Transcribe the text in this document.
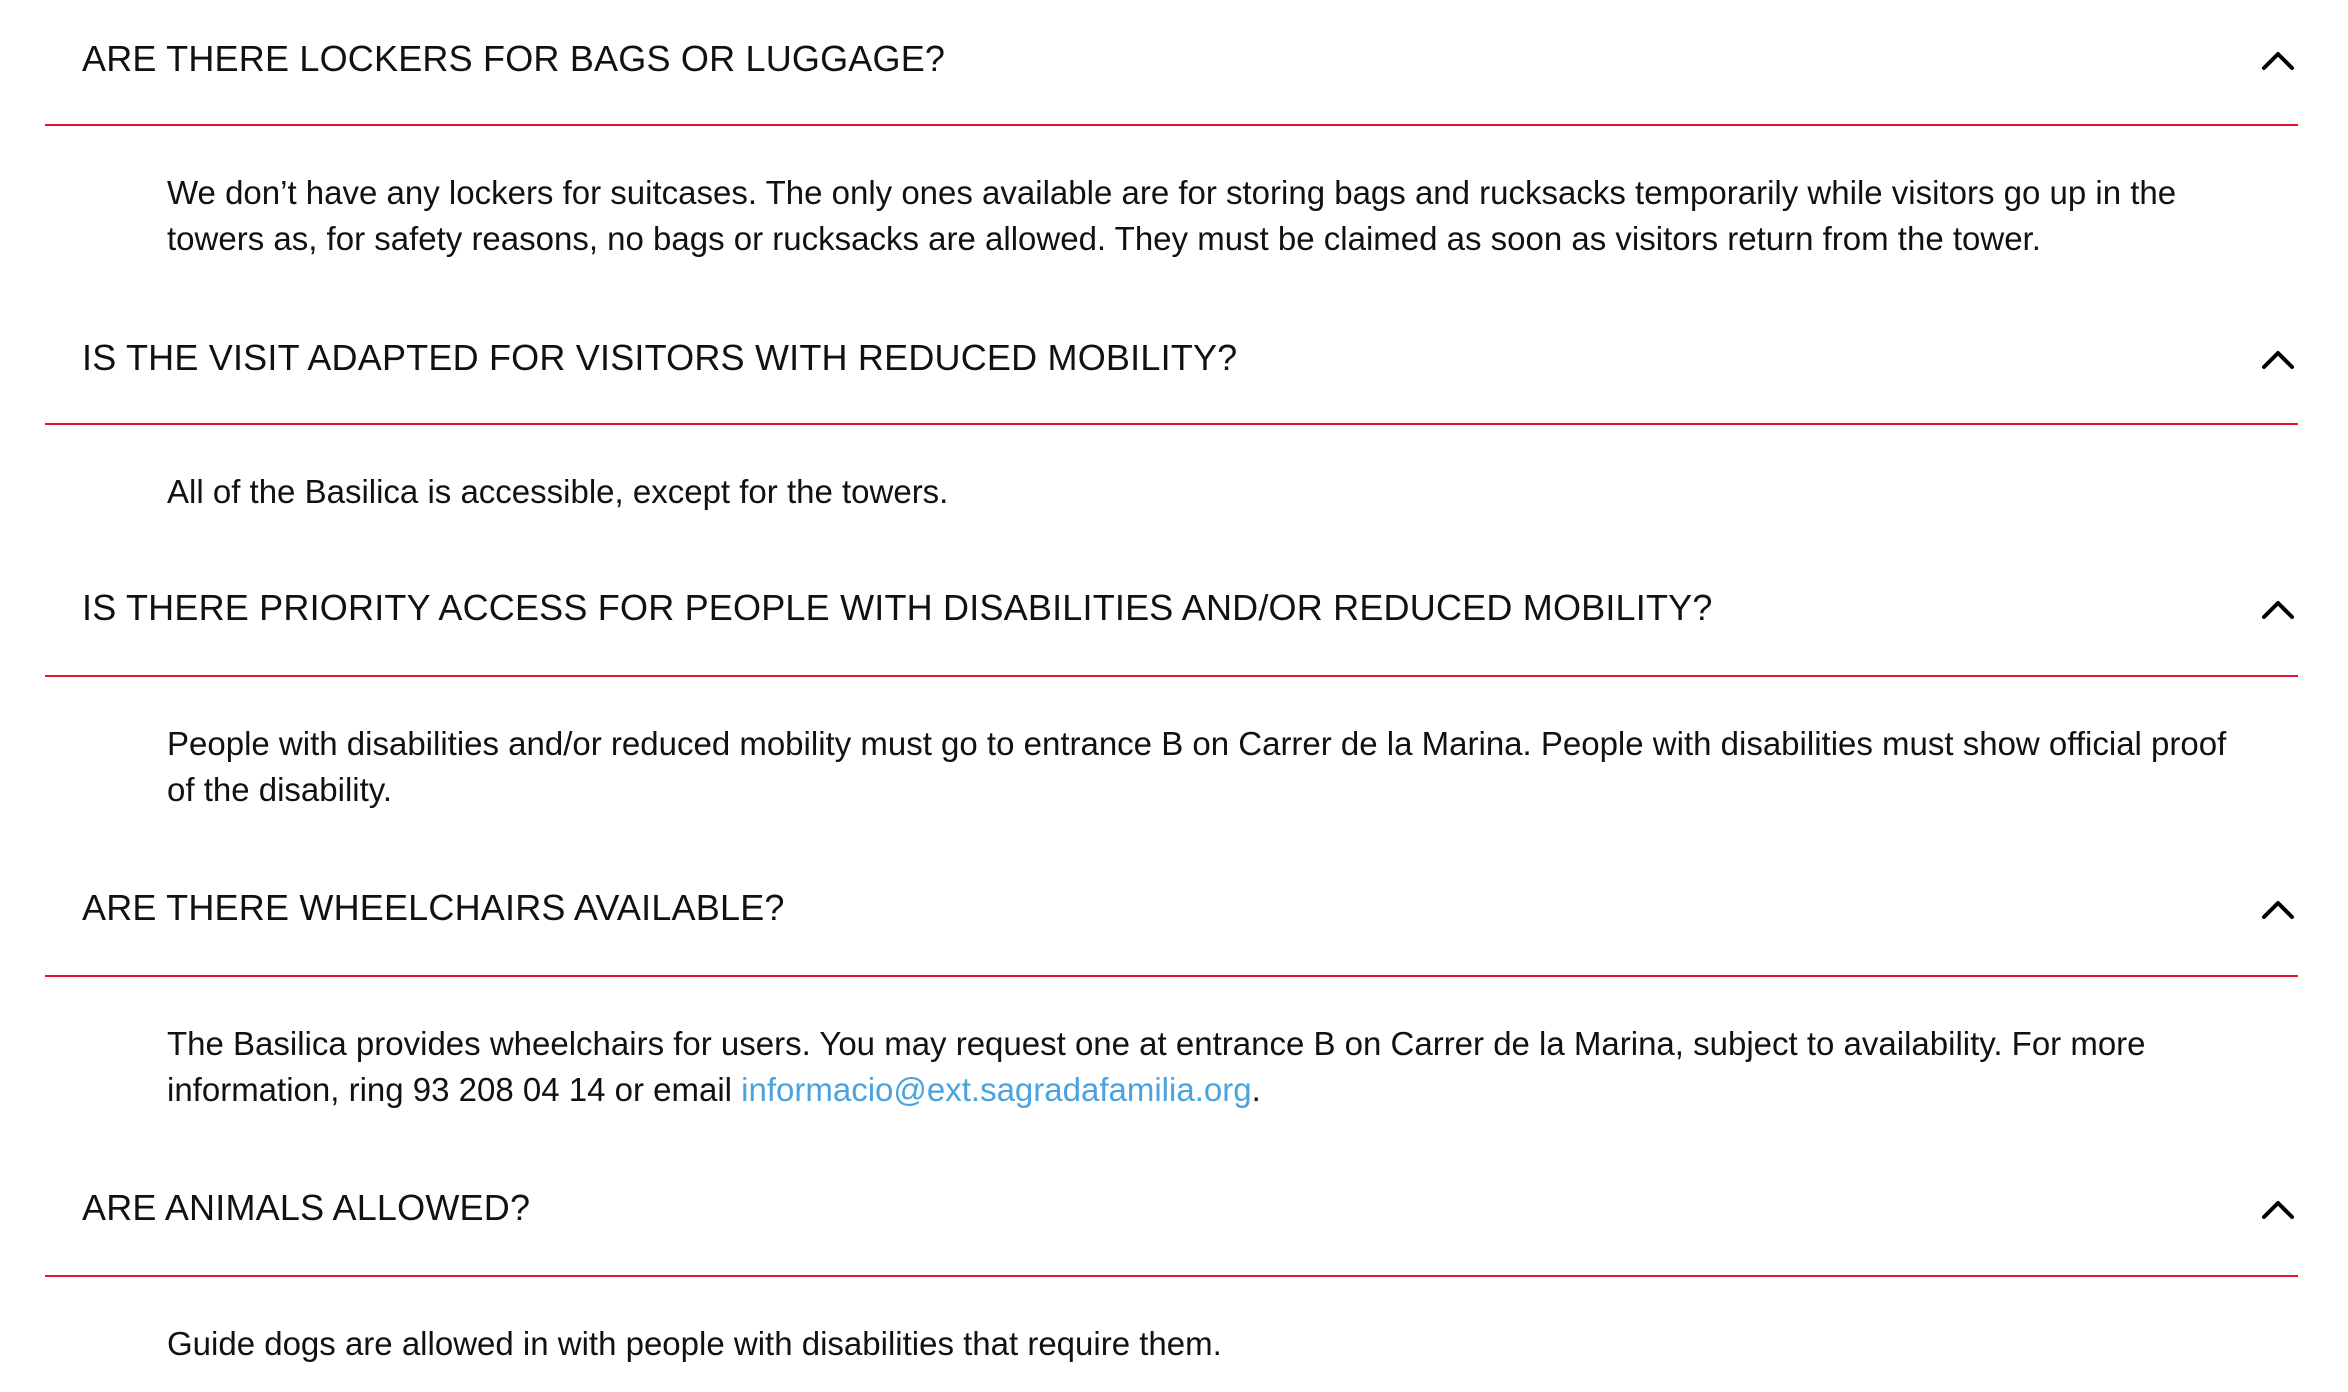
ARE THERE LOCKERS FOR BAGS OR LUGGAGE?

We don’t have any lockers for suitcases. The only ones available are for storing bags and rucksacks temporarily while visitors go up in the towers as, for safety reasons, no bags or rucksacks are allowed. They must be claimed as soon as visitors return from the tower.

IS THE VISIT ADAPTED FOR VISITORS WITH REDUCED MOBILITY?

All of the Basilica is accessible, except for the towers.

IS THERE PRIORITY ACCESS FOR PEOPLE WITH DISABILITIES AND/OR REDUCED MOBILITY?

People with disabilities and/or reduced mobility must go to entrance B on Carrer de la Marina. People with disabilities must show official proof of the disability.

ARE THERE WHEELCHAIRS AVAILABLE?

The Basilica provides wheelchairs for users. You may request one at entrance B on Carrer de la Marina, subject to availability. For more information, ring 93 208 04 14 or email informacio@ext.sagradafamilia.org.

ARE ANIMALS ALLOWED?

Guide dogs are allowed in with people with disabilities that require them.
